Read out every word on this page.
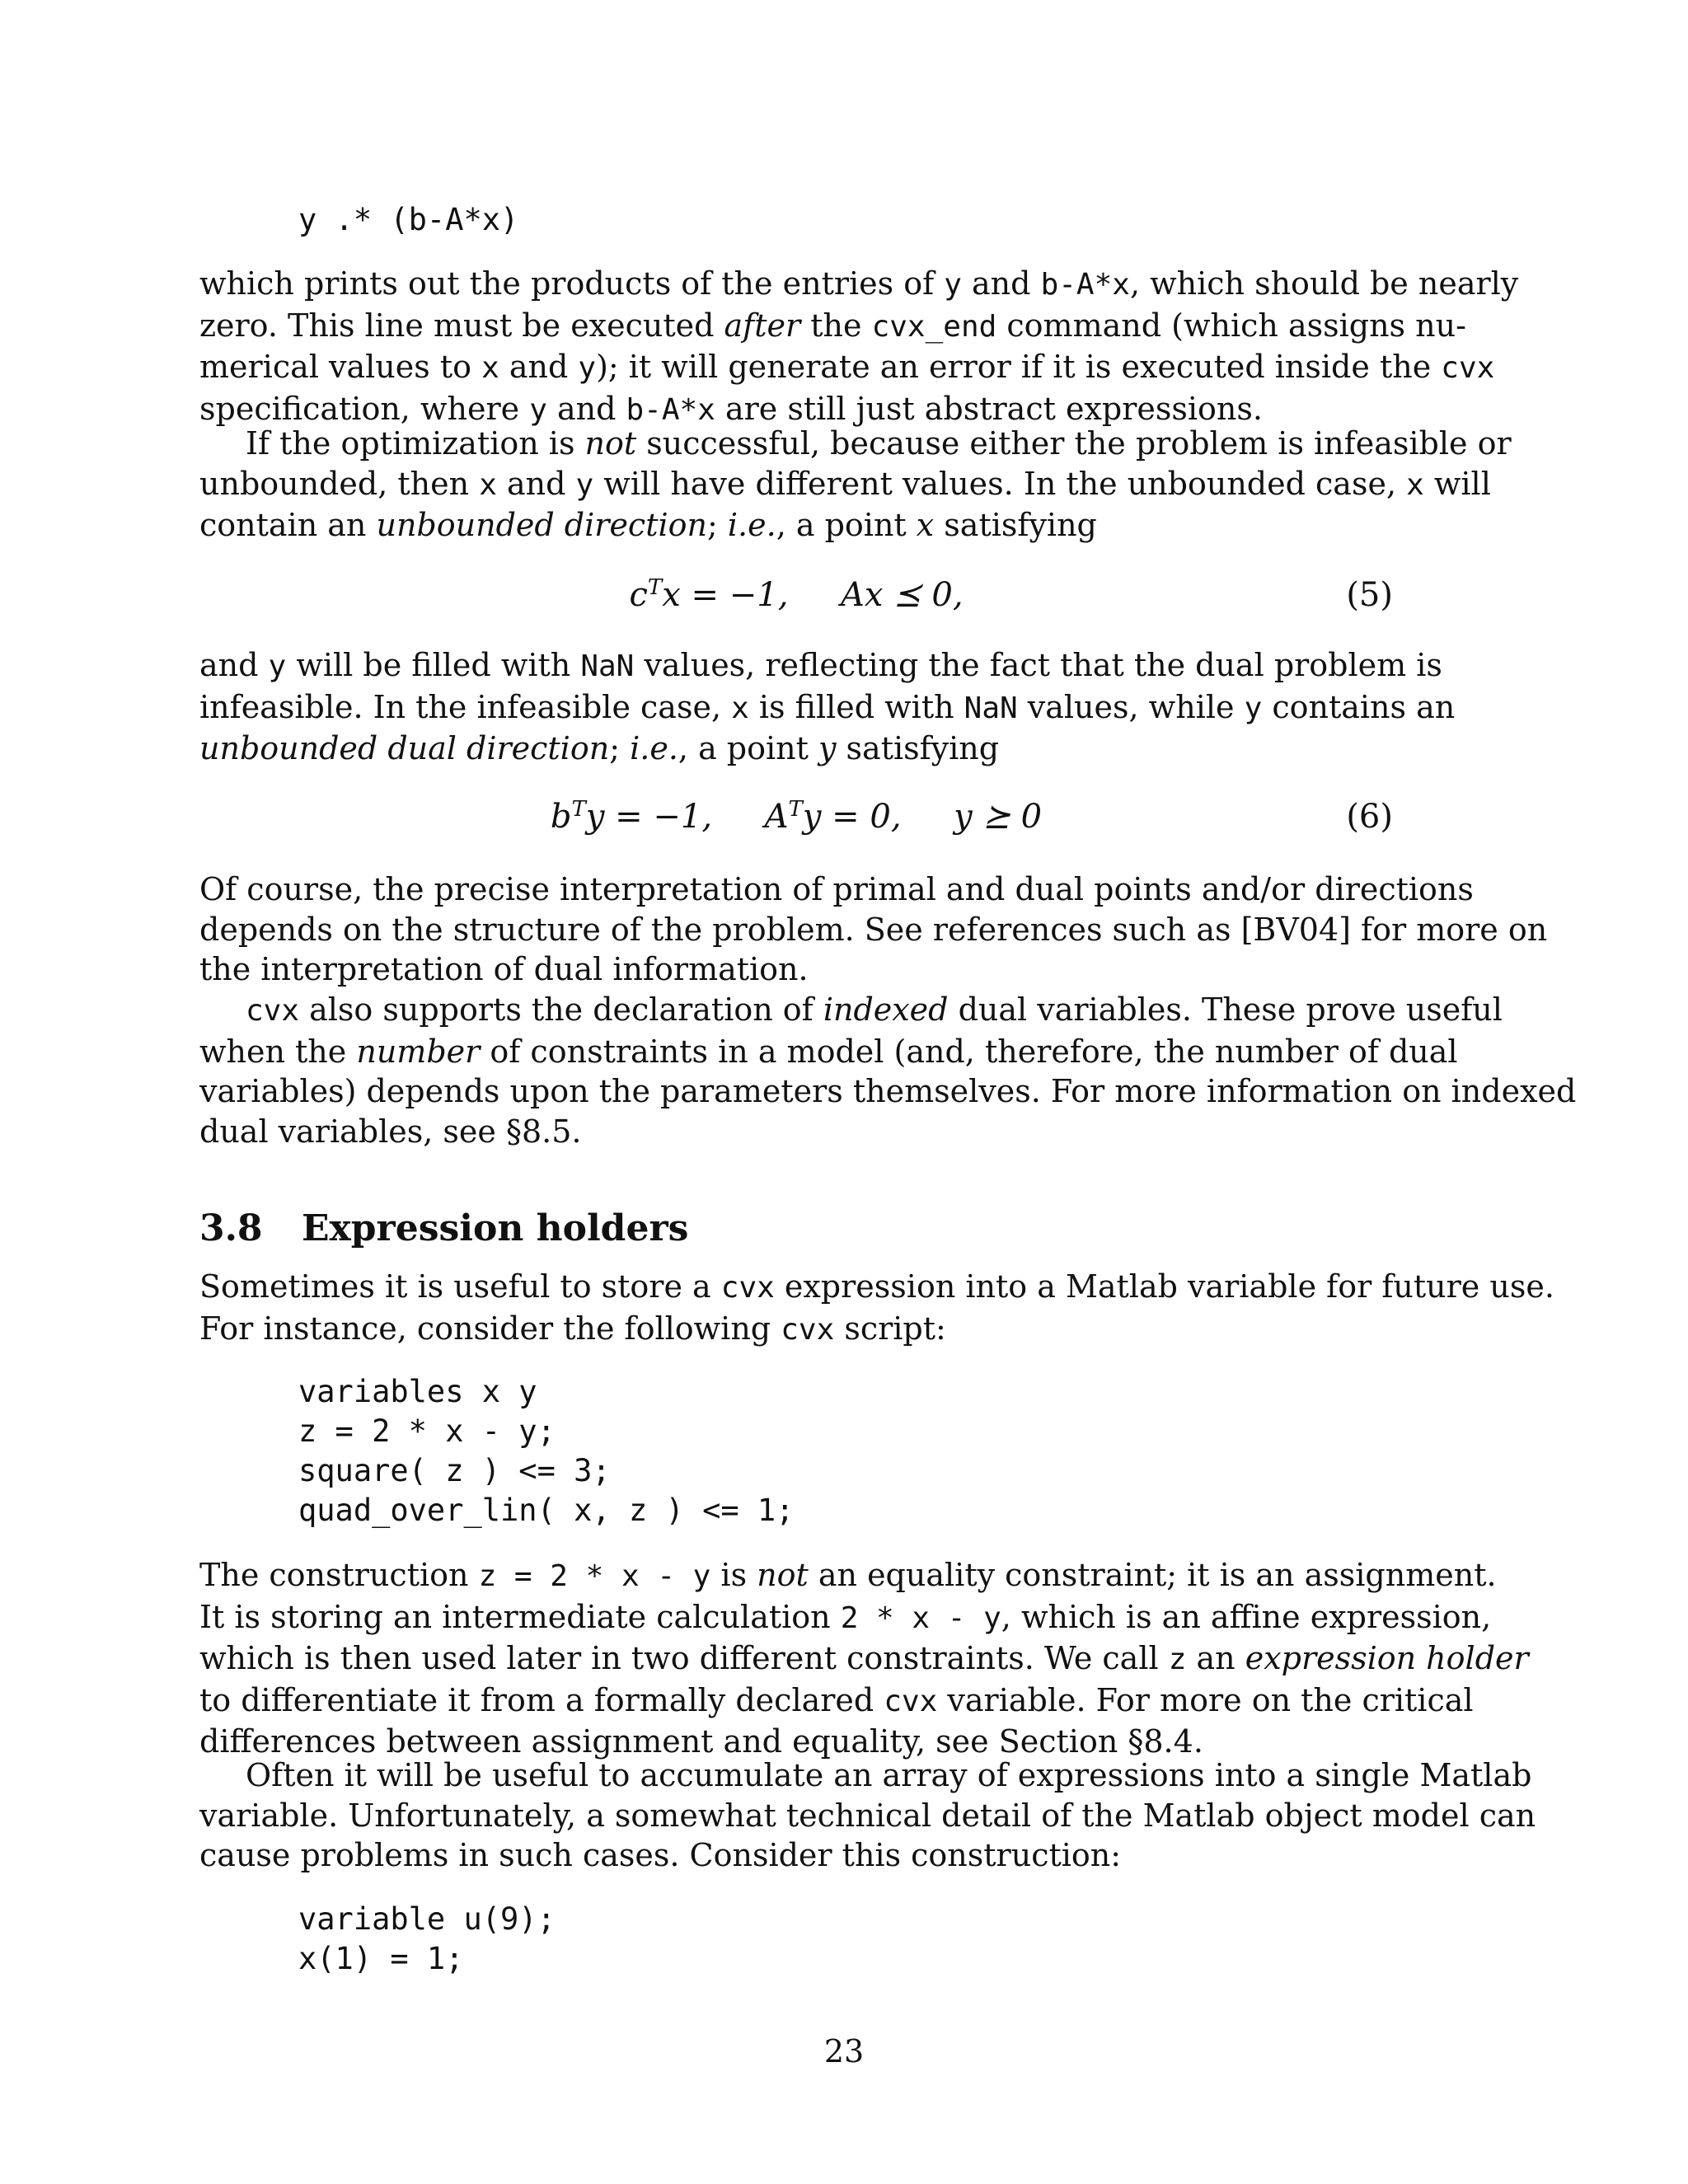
y .* (b-A*x)
which prints out the products of the entries of y and b-A*x, which should be nearly
zero. This line must be executed after the cvx_end command (which assigns nu-
merical values to x and y); it will generate an error if it is executed inside the cvx
specification, where y and b-A*x are still just abstract expressions.
If the optimization is not successful, because either the problem is infeasible or
unbounded, then x and y will have different values. In the unbounded case, x will
contain an unbounded direction; i.e., a point x satisfying
$c^Tx = -1$,     Ax ⪯ 0,	(5)
and y will be filled with NaN values, reflecting the fact that the dual problem is
infeasible. In the infeasible case, x is filled with NaN values, while y contains an
unbounded dual direction; i.e., a point y satisfying
$b^Ty = -1$,     $A^Ty = 0$,     y ⪰ 0	(6)
Of course, the precise interpretation of primal and dual points and/or directions
depends on the structure of the problem. See references such as [BV04] for more on
the interpretation of dual information.
cvx also supports the declaration of indexed dual variables. These prove useful
when the number of constraints in a model (and, therefore, the number of dual
variables) depends upon the parameters themselves. For more information on indexed
dual variables, see §8.5.
3.8 Expression holders
Sometimes it is useful to store a cvx expression into a Matlab variable for future use.
For instance, consider the following cvx script:
variables x y
z = 2 * x - y;
square( z ) <= 3;
quad_over_lin( x, z ) <= 1;
The construction z = 2 * x - y is not an equality constraint; it is an assignment.
It is storing an intermediate calculation 2 * x - y, which is an affine expression,
which is then used later in two different constraints. We call z an expression holder
to differentiate it from a formally declared cvx variable. For more on the critical
differences between assignment and equality, see Section §8.4.
Often it will be useful to accumulate an array of expressions into a single Matlab
variable. Unfortunately, a somewhat technical detail of the Matlab object model can
cause problems in such cases. Consider this construction:
variable u(9);
x(1) = 1;
23
